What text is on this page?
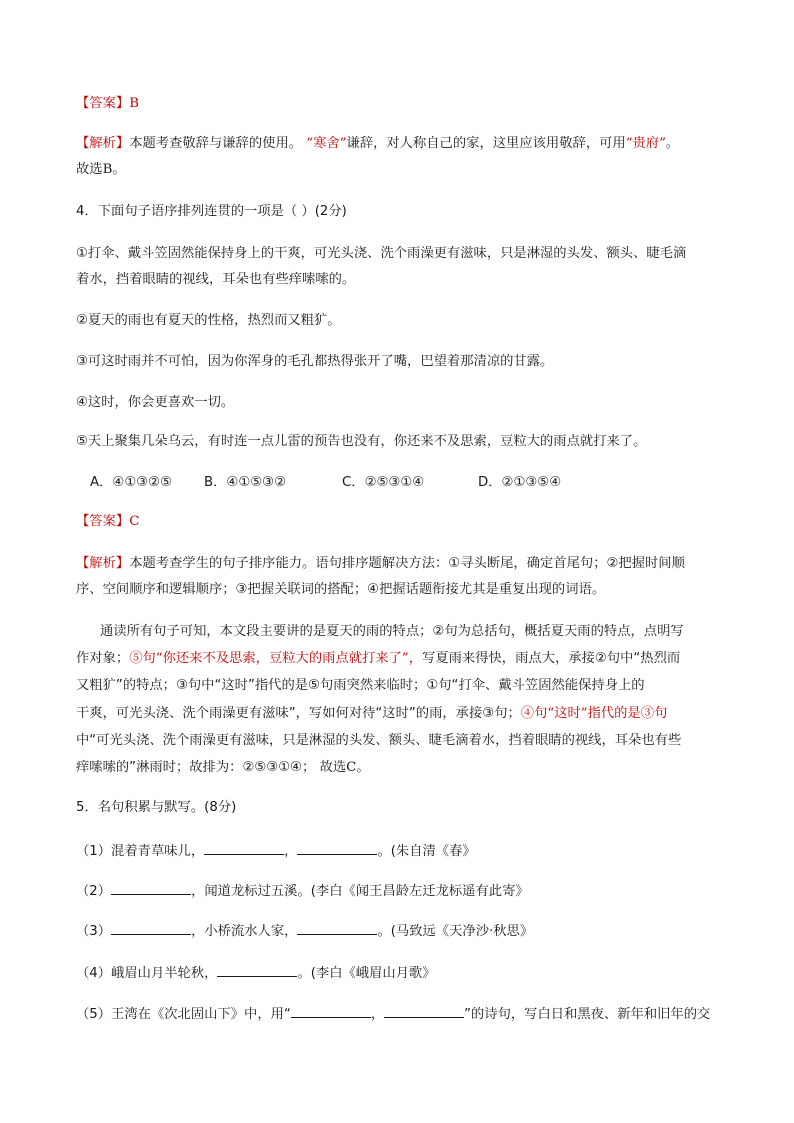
【答案】B
【解析】本题考查敬辞与谦辞的使用。 “寒舍”谦辞，对人称自己的家，这里应该用敬辞，可用“贵府”。
故选B。
4．下面句子语序排列连贯的一项是（ ）(2分)
①打伞、戴斗笠固然能保持身上的干爽，可光头浇、洗个雨澡更有滋味，只是淋湿的头发、额头、睫毛滴
着水，挡着眼睛的视线，耳朵也有些痒嗦嗦的。
②夏天的雨也有夏天的性格，热烈而又粗犷。
③可这时雨并不可怕，因为你浑身的毛孔都热得张开了嘴，巴望着那清凉的甘露。
④这时，你会更喜欢一切。
⑤天上聚集几朵乌云，有时连一点儿雷的预告也没有，你还来不及思索，豆粒大的雨点就打来了。
A．④①③②⑤ B．④①⑤③②	C．②⑤③①④	D．②①③⑤④
【答案】C
【解析】本题考查学生的句子排序能力。语句排序题解决方法：①寻头断尾，确定首尾句；②把握时间顺
序、空间顺序和逻辑顺序；③把握关联词的搭配；④把握话题衔接尤其是重复出现的词语。
通读所有句子可知，本文段主要讲的是夏天的雨的特点；②句为总括句，概括夏天雨的特点，点明写
作对象；⑤句“你还来不及思索，豆粒大的雨点就打来了”，写夏雨来得快，雨点大，承接②句中“热烈而
又粗犷”的特点；③句中“这时”指代的是⑤句雨突然来临时；①句“打伞、戴斗笠固然能保持身上的
干爽，可光头浇、洗个雨澡更有滋味”，写如何对待“这时”的雨，承接③句；④句“这时”指代的是③句
中“可光头浇、洗个雨澡更有滋味，只是淋湿的头发、额头、睫毛滴着水，挡着眼睛的视线，耳朵也有些
痒嗦嗦的”淋雨时；故排为：②⑤③①④； 故选C。
5．名句积累与默写。(8分)
（1）混着青草味儿，	，	。(朱自清《春》
（2）	，闻道龙标过五溪。(李白《闻王昌龄左迁龙标遥有此寄》
（3）	，小桥流水人家，	。(马致远《天净沙·秋思》
（4）峨眉山月半轮秋，	。(李白《峨眉山月歌》
（5）王湾在《次北固山下》中，用“	，	”的诗句，写白日和黑夜、新年和旧年的交
